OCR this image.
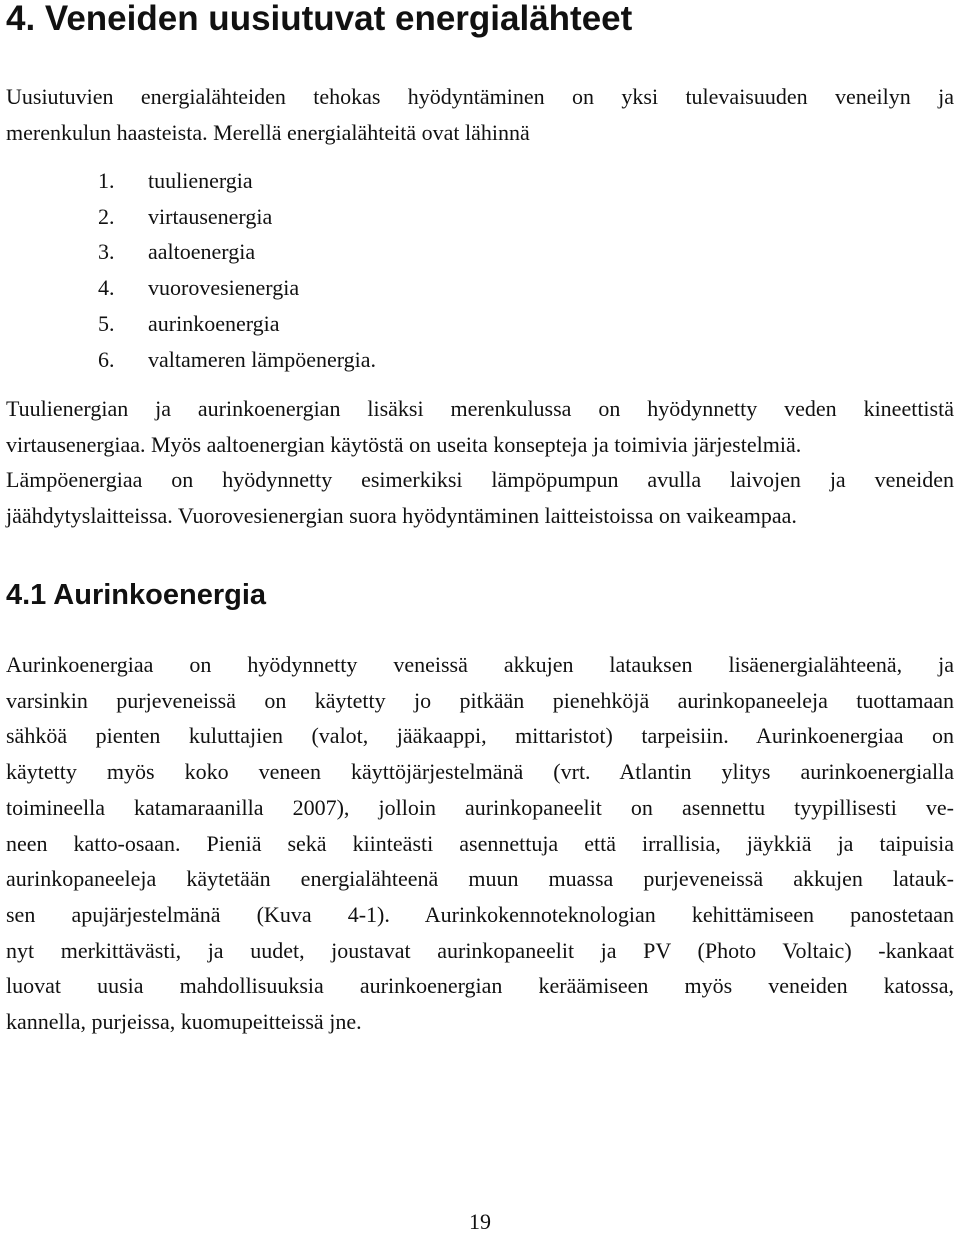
4. Veneiden uusiutuvat energialähteet

Uusiutuvien energialähteiden tehokas hyödyntäminen on yksi tulevaisuuden veneilyn ja
merenkulun haasteista. Merellä energialähteitä ovat lähinnä

1. tuulienergia
2. virtausenergia
3. aaltoenergia
4. vuorovesienergia
5. aurinkoenergia
6. valtameren lämpöenergia.

Tuulienergian ja aurinkoenergian lisäksi merenkulussa on hyödynnetty veden kineettistä
virtausenergiaa. Myös aaltoenergian käytöstä on useita konsepteja ja toimivia järjestelmiä.
Lämpöenergiaa on hyödynnetty esimerkiksi lämpöpumpun avulla laivojen ja veneiden
jäähdytyslaitteissa. Vuorovesienergian suora hyödyntäminen laitteistoissa on vaikeampaa.

4.1 Aurinkoenergia

Aurinkoenergiaa on hyödynnetty veneissä akkujen latauksen lisäenergialähteenä, ja
varsinkin purjeveneissä on käytetty jo pitkään pienehköjä aurinkopaneeleja tuottamaan
sähköä pienten kuluttajien (valot, jääkaappi, mittaristot) tarpeisiin. Aurinkoenergiaa on
käytetty myös koko veneen käyttöjärjestelmänä (vrt. Atlantin ylitys aurinkoenergialla
toimineella katamaraanilla 2007), jolloin aurinkopaneelit on asennettu tyypillisesti ve-
neen katto-osaan. Pieniä sekä kiinteästi asennettuja että irrallisia, jäykkiä ja taipuisia
aurinkopaneeleja käytetään energialähteenä muun muassa purjeveneissä akkujen latauk-
sen apujärjestelmänä (Kuva 4-1). Aurinkokennoteknologian kehittämiseen panostetaan
nyt merkittävästi, ja uudet, joustavat aurinkopaneelit ja PV (Photo Voltaic) -kankaat
luovat uusia mahdollisuuksia aurinkoenergian keräämiseen myös veneiden katossa,
kannella, purjeissa, kuomupeitteissä jne.

19
